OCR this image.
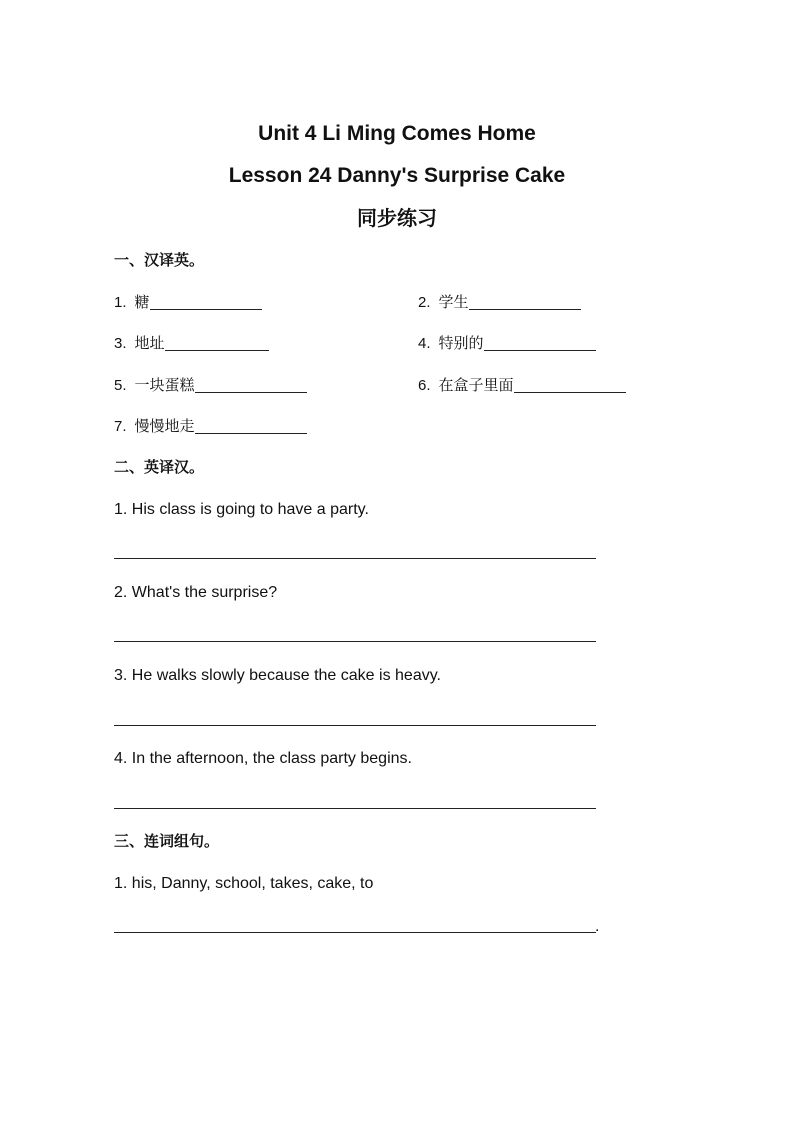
Unit 4 Li Ming Comes Home
Lesson 24 Danny's Surprise Cake
同步练习
一、汉译英。
1. 糖	2. 学生
3. 地址	4. 特别的
5. 一块蛋糕	6. 在盒子里面
7. 慢慢地走
二、英译汉。
1. His class is going to have a party.
2. What's the surprise?
3. He walks slowly because the cake is heavy.
4. In the afternoon, the class party begins.
三、连词组句。
1. his, Danny, school, takes, cake, to
.
